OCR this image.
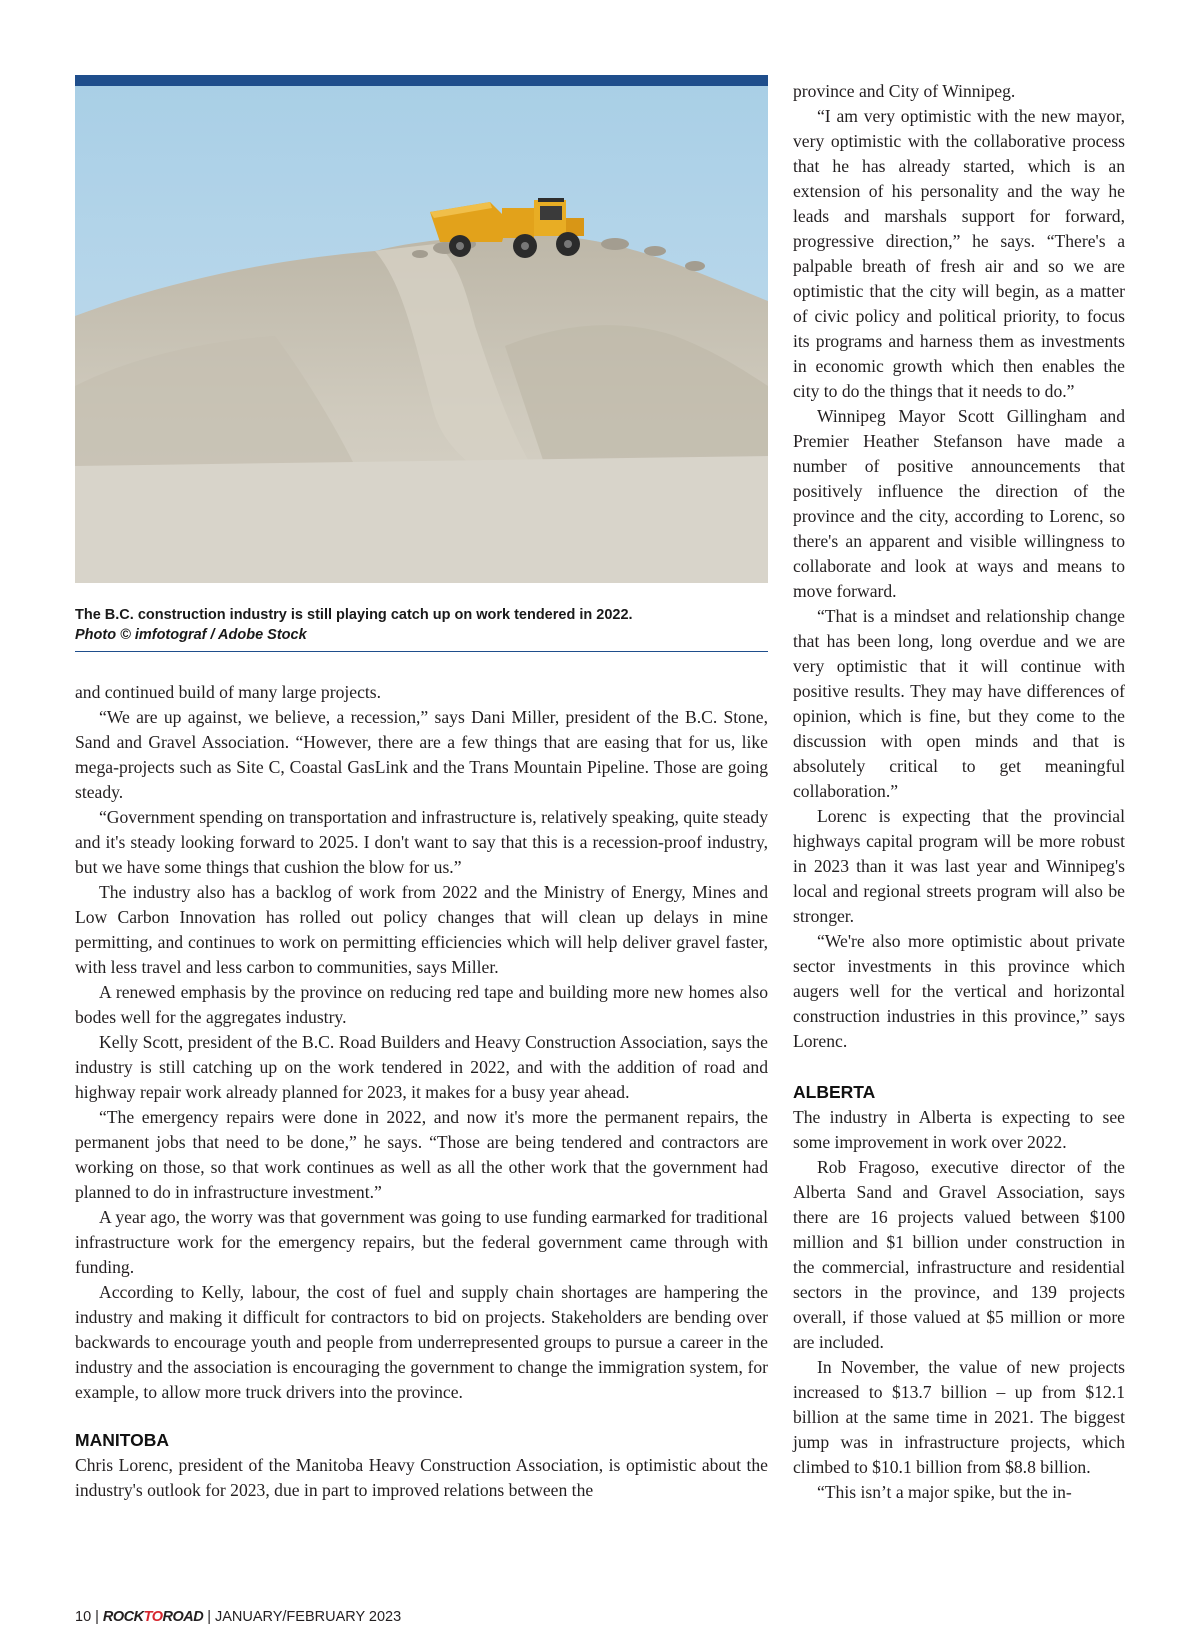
The B.C. construction industry is still playing catch up on work tendered in 2022.
Photo © imfotograf / Adobe Stock

and continued build of many large projects.

“We are up against, we believe, a recession,” says Dani Miller, president of the B.C. Stone, Sand and Gravel Association. “However, there are a few things that are easing that for us, like mega-projects such as Site C, Coastal GasLink and the Trans Mountain Pipeline. Those are going steady.

“Government spending on transportation and infrastructure is, relatively speaking, quite steady and it's steady looking forward to 2025. I don't want to say that this is a recession-proof industry, but we have some things that cushion the blow for us.”

The industry also has a backlog of work from 2022 and the Ministry of Energy, Mines and Low Carbon Innovation has rolled out policy changes that will clean up delays in mine permitting, and continues to work on permitting efficiencies which will help deliver gravel faster, with less travel and less carbon to communities, says Miller.

A renewed emphasis by the province on reducing red tape and building more new homes also bodes well for the aggregates industry.

Kelly Scott, president of the B.C. Road Builders and Heavy Construction Association, says the industry is still catching up on the work tendered in 2022, and with the addition of road and highway repair work already planned for 2023, it makes for a busy year ahead.

“The emergency repairs were done in 2022, and now it's more the permanent repairs, the permanent jobs that need to be done,” he says. “Those are being tendered and contractors are working on those, so that work continues as well as all the other work that the government had planned to do in infrastructure investment.”

A year ago, the worry was that government was going to use funding earmarked for traditional infrastructure work for the emergency repairs, but the federal government came through with funding.

According to Kelly, labour, the cost of fuel and supply chain shortages are hampering the industry and making it difficult for contractors to bid on projects. Stakeholders are bending over backwards to encourage youth and people from underrepresented groups to pursue a career in the industry and the association is encouraging the government to change the immigration system, for example, to allow more truck drivers into the province.

MANITOBA

Chris Lorenc, president of the Manitoba Heavy Construction Association, is optimistic about the industry's outlook for 2023, due in part to improved relations between the

province and City of Winnipeg.

“I am very optimistic with the new mayor, very optimistic with the collaborative process that he has already started, which is an extension of his personality and the way he leads and marshals support for forward, progressive direction,” he says. “There's a palpable breath of fresh air and so we are optimistic that the city will begin, as a matter of civic policy and political priority, to focus its programs and harness them as investments in economic growth which then enables the city to do the things that it needs to do.”

Winnipeg Mayor Scott Gillingham and Premier Heather Stefanson have made a number of positive announcements that positively influence the direction of the province and the city, according to Lorenc, so there's an apparent and visible willingness to collaborate and look at ways and means to move forward.

“That is a mindset and relationship change that has been long, long overdue and we are very optimistic that it will continue with positive results. They may have differences of opinion, which is fine, but they come to the discussion with open minds and that is absolutely critical to get meaningful collaboration.”

Lorenc is expecting that the provincial highways capital program will be more robust in 2023 than it was last year and Winnipeg's local and regional streets program will also be stronger.

“We're also more optimistic about private sector investments in this province which augers well for the vertical and horizontal construction industries in this province,” says Lorenc.

ALBERTA

The industry in Alberta is expecting to see some improvement in work over 2022.

Rob Fragoso, executive director of the Alberta Sand and Gravel Association, says there are 16 projects valued between $100 million and $1 billion under construction in the commercial, infrastructure and residential sectors in the province, and 139 projects overall, if those valued at $5 million or more are included.

In November, the value of new projects increased to $13.7 billion – up from $12.1 billion at the same time in 2021. The biggest jump was in infrastructure projects, which climbed to $10.1 billion from $8.8 billion.

“This isn’t a major spike, but the in-

10 | ROCKTOROAD | JANUARY/FEBRUARY 2023
